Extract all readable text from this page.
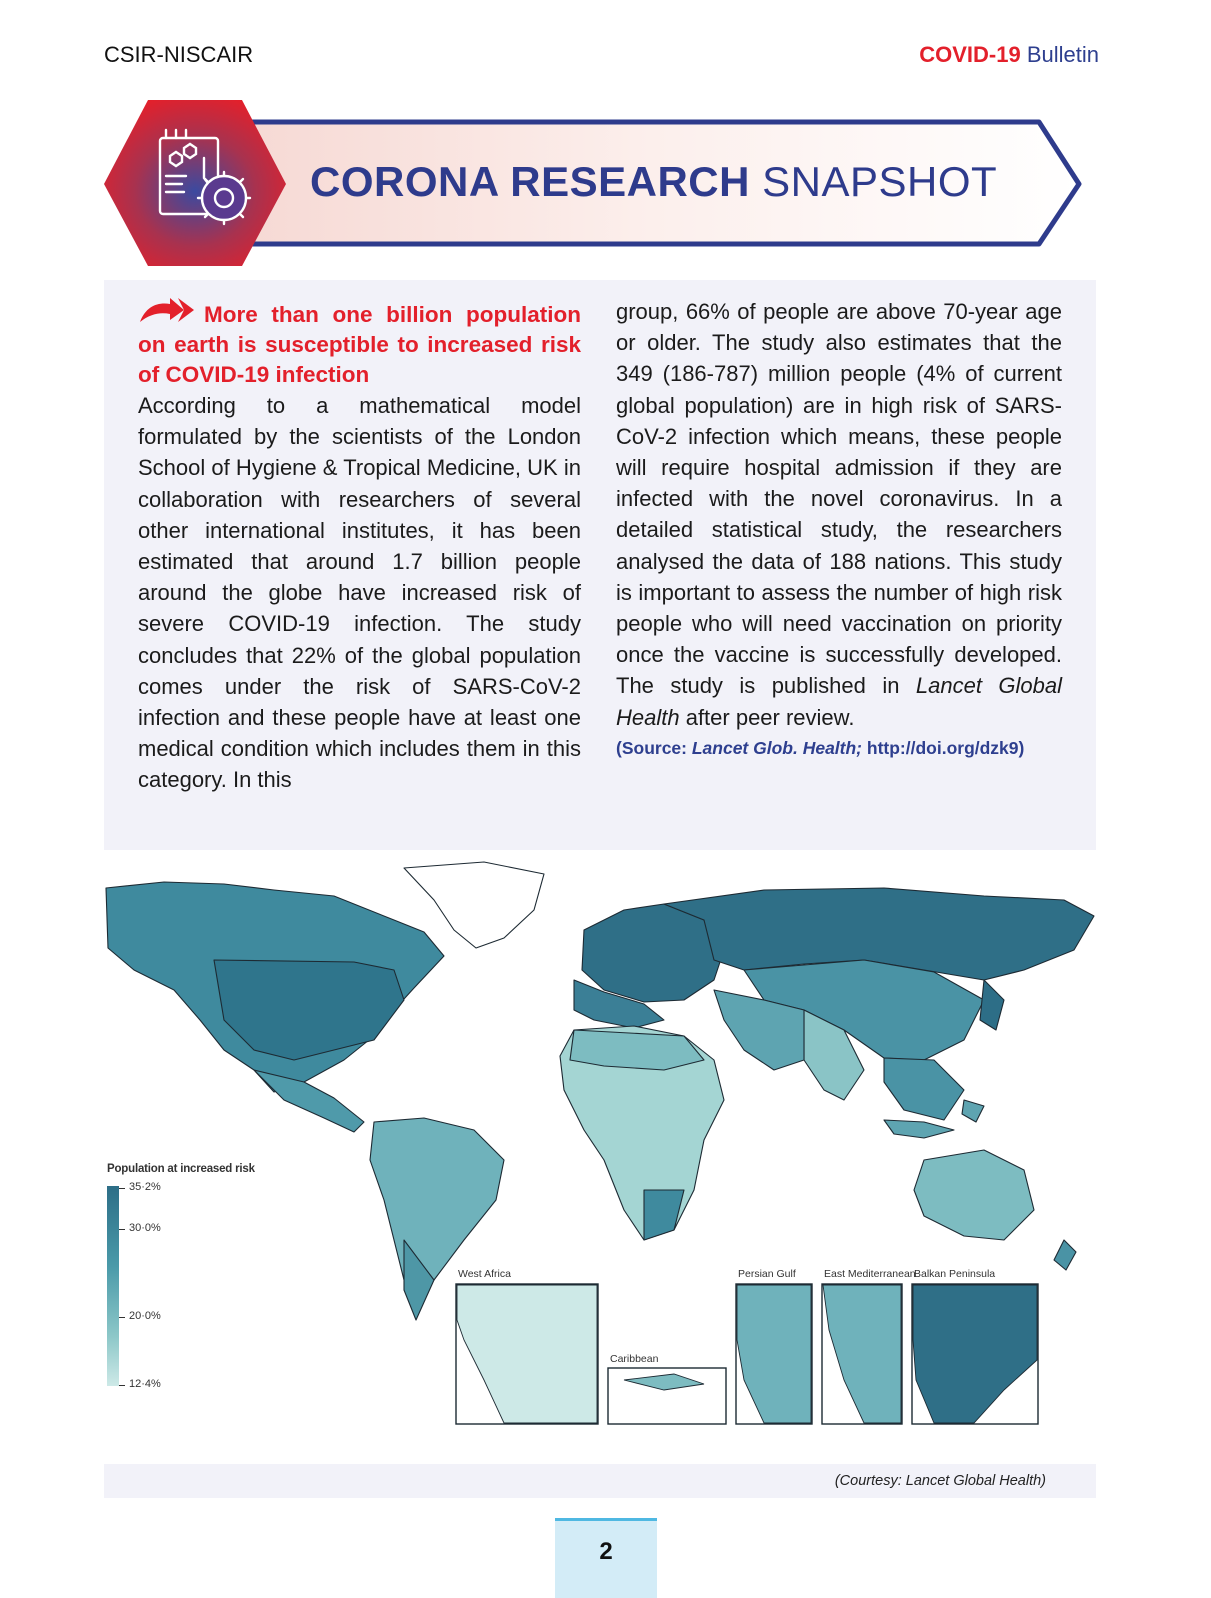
CSIR-NISCAIR	COVID-19 Bulletin
CORONA RESEARCH SNAPSHOT

More than one billion population on earth is susceptible to increased risk of COVID-19 infection

According to a mathematical model formulated by the scientists of the London School of Hygiene & Tropical Medicine, UK in collaboration with researchers of several other international institutes, it has been estimated that around 1.7 billion people around the globe have increased risk of severe COVID-19 infection. The study concludes that 22% of the global population comes under the risk of SARS-CoV-2 infection and these people have at least one medical condition which includes them in this category. In this

group, 66% of people are above 70-year age or older. The study also estimates that the 349 (186-787) million people (4% of current global population) are in high risk of SARS-CoV-2 infection which means, these people will require hospital admission if they are infected with the novel coronavirus. In a detailed statistical study, the researchers analysed the data of 188 nations. This study is important to assess the number of high risk people who will need vaccination on priority once the vaccine is successfully developed. The study is published in Lancet Global Health after peer review.

(Source: Lancet Glob. Health; http://doi.org/dzk9)

Population at increased risk
35·2%
30·0%
20·0%
12·4%
West Africa
Caribbean
Persian Gulf	East Mediterranean
Balkan Peninsula
(Courtesy: Lancet Global Health)
2
